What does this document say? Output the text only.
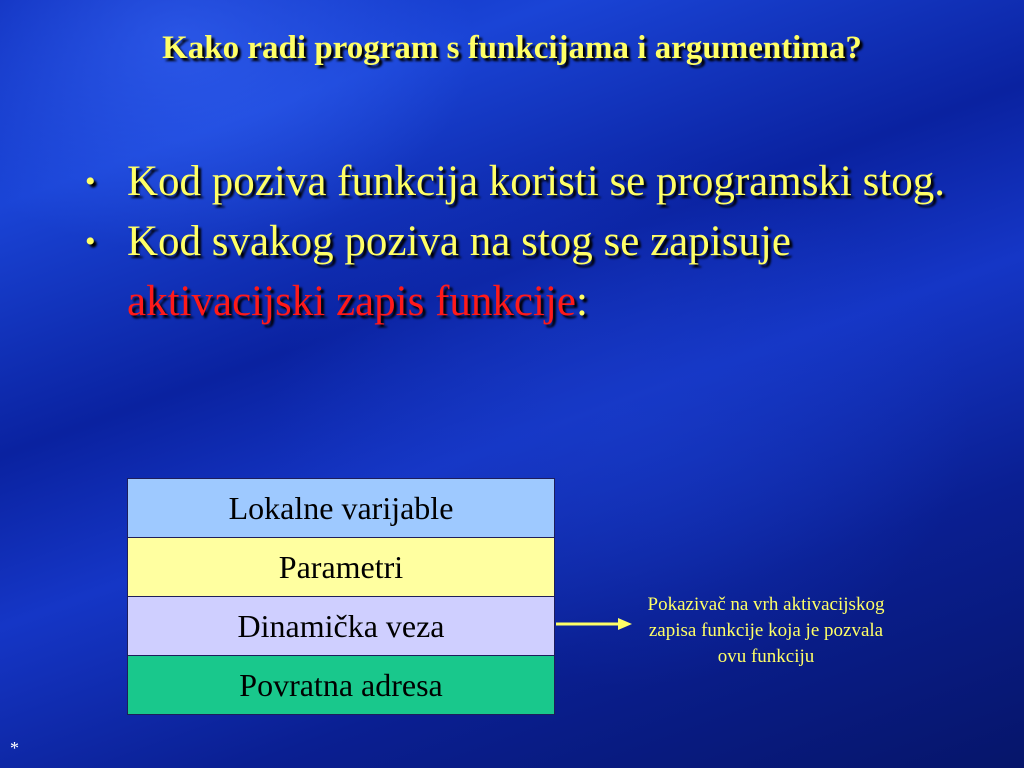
Kako radi program s funkcijama i argumentima?
• Kod poziva funkcija koristi se programski stog.
• Kod svakog poziva na stog se zapisuje aktivacijski zapis funkcije:
Lokalne varijable
Parametri
Dinamička veza
Povratna adresa
Pokazivač na vrh aktivacijskog zapisa funkcije koja je pozvala ovu funkciju
*
